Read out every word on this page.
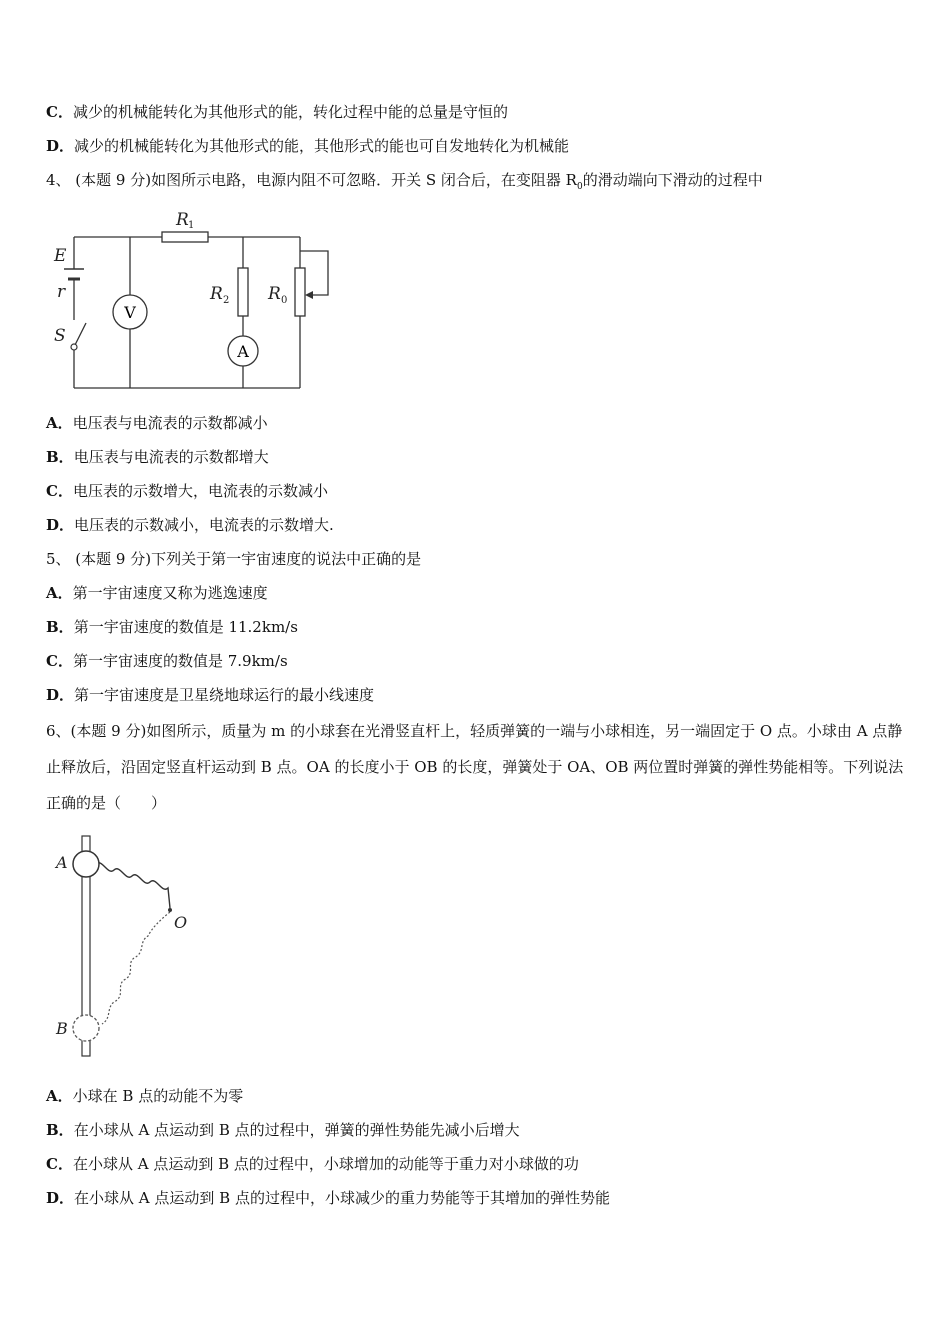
C．减少的机械能转化为其他形式的能，转化过程中能的总量是守恒的
D．减少的机械能转化为其他形式的能，其他形式的能也可自发地转化为机械能
4、 (本题 9 分)如图所示电路，电源内阻不可忽略．开关 S 闭合后，在变阻器 $R_0$的滑动端向下滑动的过程中
V
A
E
r
S
R
R	R
1
2	0
A．电压表与电流表的示数都减小
B．电压表与电流表的示数都增大
C．电压表的示数增大，电流表的示数减小
D．电压表的示数减小，电流表的示数增大.
5、 (本题 9 分)下列关于第一宇宙速度的说法中正确的是
A．第一宇宙速度又称为逃逸速度
B．第一宇宙速度的数值是 11.2km/s
C．第一宇宙速度的数值是 7.9km/s
D．第一宇宙速度是卫星绕地球运行的最小线速度
6、(本题 9 分)如图所示，质量为 m 的小球套在光滑竖直杆上，轻质弹簧的一端与小球相连，另一端固定于 O 点。小球由 A 点静止释放后，沿固定竖直杆运动到 B 点。OA 的长度小于 OB 的长度，弹簧处于 OA、OB 两位置时弹簧的弹性势能相等。下列说法正确的是（　　）
A
O
B
A．小球在 B 点的动能不为零
B．在小球从 A 点运动到 B 点的过程中，弹簧的弹性势能先减小后增大
C．在小球从 A 点运动到 B 点的过程中，小球增加的动能等于重力对小球做的功
D．在小球从 A 点运动到 B 点的过程中，小球减少的重力势能等于其增加的弹性势能
